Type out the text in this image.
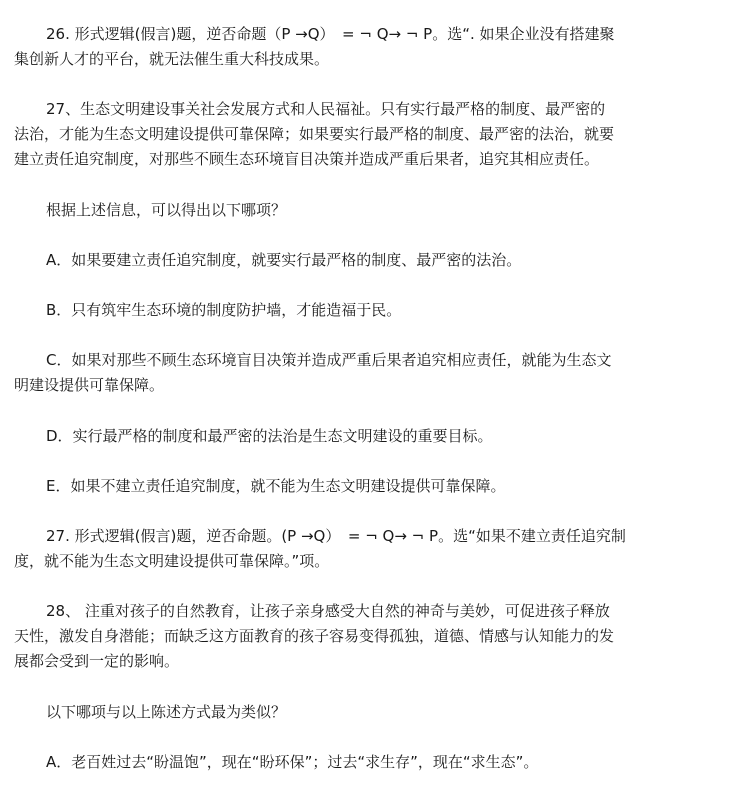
26. 形式逻辑(假言)题，逆否命题（P →Q）　= ¬ Q→ ¬ P。选“. 如果企业没有搭建聚
集创新人才的平台，就无法催生重大科技成果。
27、生态文明建设事关社会发展方式和人民福祉。只有实行最严格的制度、最严密的
法治，才能为生态文明建设提供可靠保障；如果要实行最严格的制度、最严密的法治，就要
建立责任追究制度，对那些不顾生态环境盲目决策并造成严重后果者，追究其相应责任。

根据上述信息，可以得出以下哪项？

A．如果要建立责任追究制度，就要实行最严格的制度、最严密的法治。

B．只有筑牢生态环境的制度防护墙，才能造福于民。

C．如果对那些不顾生态环境盲目决策并造成严重后果者追究相应责任，就能为生态文
明建设提供可靠保障。

D．实行最严格的制度和最严密的法治是生态文明建设的重要目标。

E．如果不建立责任追究制度，就不能为生态文明建设提供可靠保障。

27. 形式逻辑(假言)题，逆否命题。(P →Q）　= ¬ Q→ ¬ P。选“如果不建立责任追究制
度，就不能为生态文明建设提供可靠保障。”项。
28、 注重对孩子的自然教育，让孩子亲身感受大自然的神奇与美妙，可促进孩子释放
天性，激发自身潜能；而缺乏这方面教育的孩子容易变得孤独，道德、情感与认知能力的发
展都会受到一定的影响。

以下哪项与以上陈述方式最为类似？

A．老百姓过去“盼温饱”，现在“盼环保”；过去“求生存”，现在“求生态”。
